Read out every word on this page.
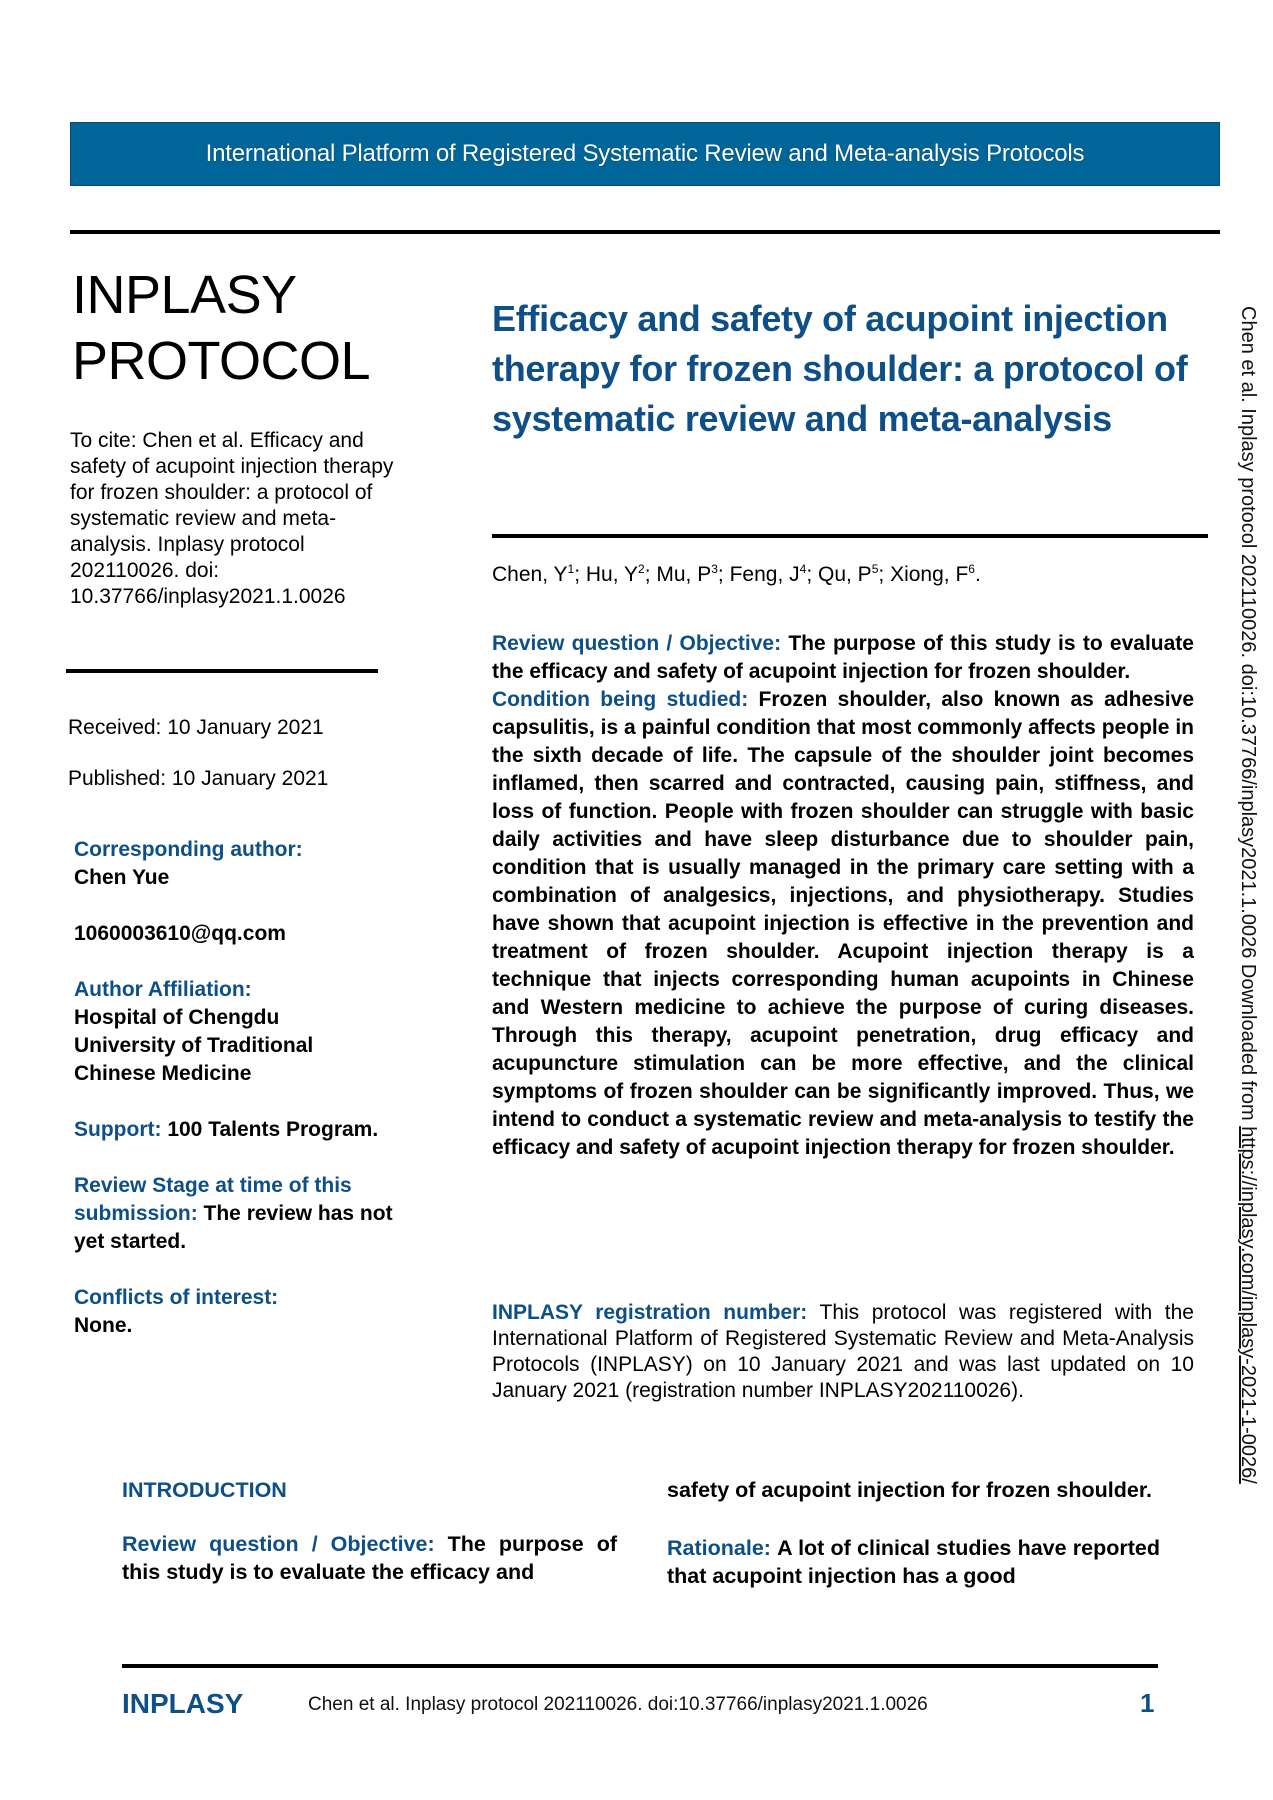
International Platform of Registered Systematic Review and Meta-analysis Protocols
INPLASY
PROTOCOL
To cite: Chen et al. Efficacy and safety of acupoint injection therapy for frozen shoulder: a protocol of systematic review and meta-analysis. Inplasy protocol 202110026. doi: 10.37766/inplasy2021.1.0026
Received: 10 January 2021
Published: 10 January 2021
Corresponding author:
Chen Yue
1060003610@qq.com
Author Affiliation:
Hospital of Chengdu University of Traditional Chinese Medicine
Support: 100 Talents Program.
Review Stage at time of this submission: The review has not yet started.
Conflicts of interest:
None.
Efficacy and safety of acupoint injection therapy for frozen shoulder: a protocol of systematic review and meta-analysis
Chen, $Y^1$; Hu, $Y^2$; Mu, $P^3$; Feng, $J^4$; Qu, $P^5$; Xiong, $F^6$.

Review question / Objective: The purpose of this study is to evaluate the efficacy and safety of acupoint injection for frozen shoulder.

Condition being studied: Frozen shoulder, also known as adhesive capsulitis, is a painful condition that most commonly affects people in the sixth decade of life. The capsule of the shoulder joint becomes inflamed, then scarred and contracted, causing pain, stiffness, and loss of function. People with frozen shoulder can struggle with basic daily activities and have sleep disturbance due to shoulder pain, condition that is usually managed in the primary care setting with a combination of analgesics, injections, and physiotherapy. Studies have shown that acupoint injection is effective in the prevention and treatment of frozen shoulder. Acupoint injection therapy is a technique that injects corresponding human acupoints in Chinese and Western medicine to achieve the purpose of curing diseases. Through this therapy, acupoint penetration, drug efficacy and acupuncture stimulation can be more effective, and the clinical symptoms of frozen shoulder can be significantly improved. Thus, we intend to conduct a systematic review and meta-analysis to testify the efficacy and safety of acupoint injection therapy for frozen shoulder.

INPLASY registration number: This protocol was registered with the International Platform of Registered Systematic Review and Meta-Analysis Protocols (INPLASY) on 10 January 2021 and was last updated on 10 January 2021 (registration number INPLASY202110026).

INTRODUCTION
Review question / Objective: The purpose of this study is to evaluate the efficacy and
safety of acupoint injection for frozen shoulder.
Rationale: A lot of clinical studies have reported that acupoint injection has a good
Chen et al. Inplasy protocol 202110026. doi:10.37766/inplasy2021.1.0026 Downloaded from https://inplasy.com/inplasy-2021-1-0026/
INPLASY	Chen et al. Inplasy protocol 202110026. doi:10.37766/inplasy2021.1.0026	1
